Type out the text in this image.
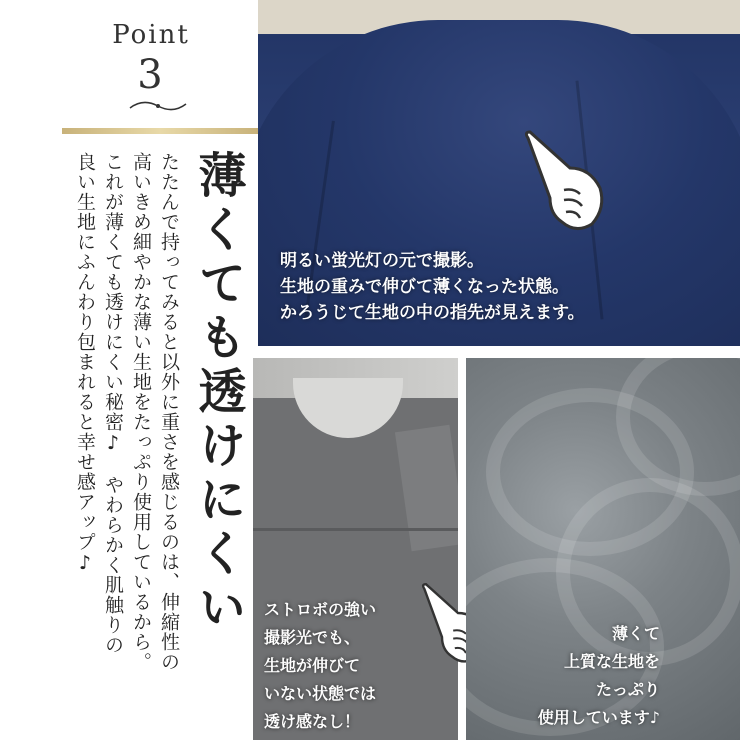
Point
3
薄くても透けにくい
たたんで持ってみると以外に重さを感じるのは、伸縮性の
高いきめ細やかな薄い生地をたっぷり使用しているから。
これが薄くても透けにくい秘密♪　やわらかく肌触りの
良い生地にふんわり包まれると幸せ感アップ♪	明るい蛍光灯の元で撮影。
生地の重みで伸びて薄くなった状態。
かろうじて生地の中の指先が見えます。
ストロボの強い
撮影光でも、
生地が伸びて
いない状態では
透け感なし！
薄くて
上質な生地を
たっぷり
使用しています♪
